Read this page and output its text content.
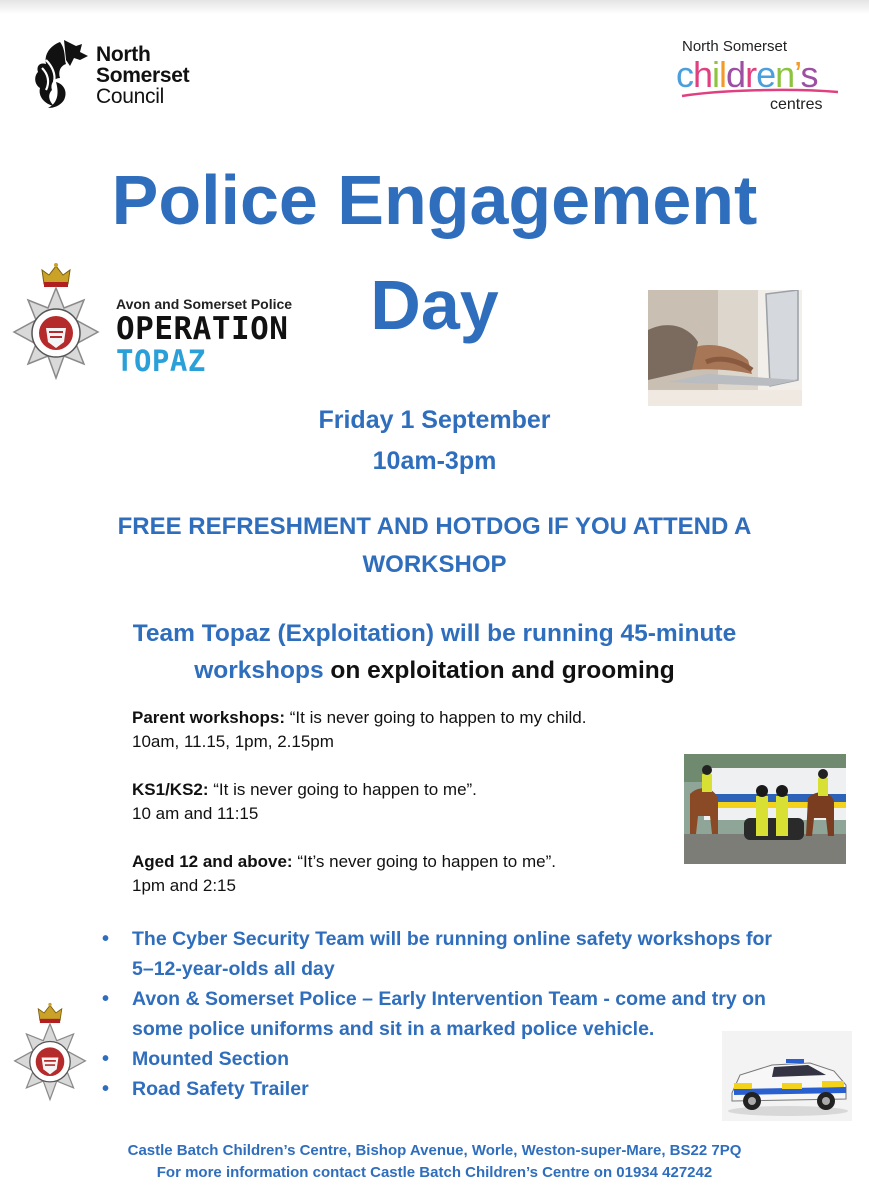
North
Somerset
Council
North Somerset
children’s
centres
Police Engagement
Day
Avon and Somerset Police
OPERATION
TOPAZ
Friday 1 September
10am-3pm
FREE REFRESHMENT AND HOTDOG IF YOU ATTEND A
WORKSHOP
Team Topaz (Exploitation) will be running 45-minute
workshops on exploitation and grooming
Parent workshops: “It is never going to happen to my child.
10am, 11.15, 1pm, 2.15pm
KS1/KS2: “It is never going to happen to me”.
10 am and 11:15
Aged 12 and above: “It’s never going to happen to me”.
1pm and 2:15
• The Cyber Security Team will be running online safety workshops for
5–12-year-olds all day
• Avon & Somerset Police – Early Intervention Team - come and try on
some police uniforms and sit in a marked police vehicle.
• Mounted Section
• Road Safety Trailer
Castle Batch Children’s Centre, Bishop Avenue, Worle, Weston-super-Mare, BS22 7PQ
For more information contact Castle Batch Children’s Centre on 01934 427242
